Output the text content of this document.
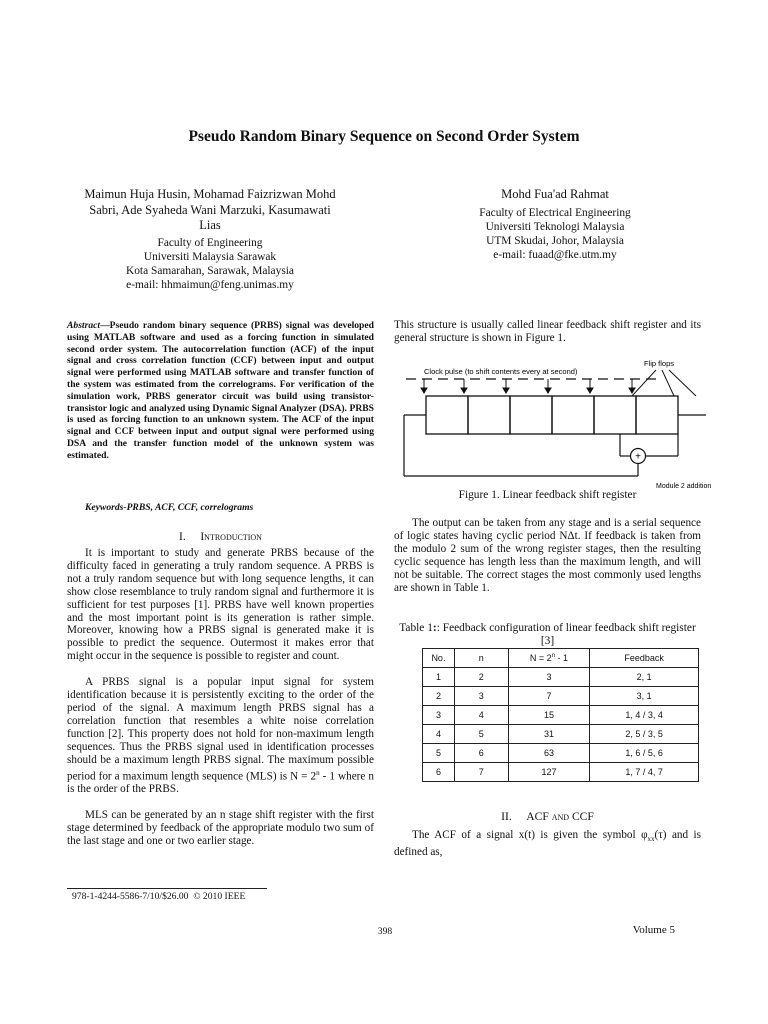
Pseudo Random Binary Sequence on Second Order System
Maimun Huja Husin, Mohamad Faizrizwan Mohd
Sabri, Ade Syaheda Wani Marzuki, Kasumawati
Lias
Faculty of Engineering
Universiti Malaysia Sarawak
Kota Samarahan, Sarawak, Malaysia
e-mail: hhmaimun@feng.unimas.my
Mohd Fua'ad Rahmat
Faculty of Electrical Engineering
Universiti Teknologi Malaysia
UTM Skudai, Johor, Malaysia
e-mail: fuaad@fke.utm.my
Abstract—Pseudo random binary sequence (PRBS) signal was developed using MATLAB software and used as a forcing function in simulated second order system. The autocorrelation function (ACF) of the input signal and cross correlation function (CCF) between input and output signal were performed using MATLAB software and transfer function of the system was estimated from the correlograms. For verification of the simulation work, PRBS generator circuit was build using transistor-transistor logic and analyzed using Dynamic Signal Analyzer (DSA). PRBS is used as forcing function to an unknown system. The ACF of the input signal and CCF between input and output signal were performed using DSA and the transfer function model of the unknown system was estimated.
Keywords-PRBS, ACF, CCF, correlograms
I. Introduction

It is important to study and generate PRBS because of the difficulty faced in generating a truly random sequence. A PRBS is not a truly random sequence but with long sequence lengths, it can show close resemblance to truly random signal and furthermore it is sufficient for test purposes [1]. PRBS have well known properties and the most important point is its generation is rather simple. Moreover, knowing how a PRBS signal is generated make it is possible to predict the sequence. Outermost it makes error that might occur in the sequence is possible to register and count.

A PRBS signal is a popular input signal for system identification because it is persistently exciting to the order of the period of the signal. A maximum length PRBS signal has a correlation function that resembles a white noise correlation function [2]. This property does not hold for non-maximum length sequences. Thus the PRBS signal used in identification processes should be a maximum length PRBS signal. The maximum possible period for a maximum length sequence (MLS) is $N = 2^n - 1$ where n is the order of the PRBS.

MLS can be generated by an n stage shift register with the first stage determined by feedback of the appropriate modulo two sum of the last stage and one or two earlier stage.

978-1-4244-5586-7/10/$26.00 © 2010 IEEE
This structure is usually called linear feedback shift register and its general structure is shown in Figure 1.
Clock pulse (to shift contents every at second)
Flip flops
+
Module 2 addition
Figure 1. Linear feedback shift register

The output can be taken from any stage and is a serial sequence of logic states having cyclic period NΔt. If feedback is taken from the modulo 2 sum of the wrong register stages, then the resulting cyclic sequence has length less than the maximum length, and will not be suitable. The correct stages the most commonly used lengths are shown in Table 1.

Table 1:: Feedback configuration of linear feedback shift register [3]
No.	n	$N = 2^n - 1$	Feedback
1	2	3	2, 1
2	3	7	3, 1
3	4	15	1, 4 / 3, 4
4	5	31	2, 5 / 3, 5
5	6	63	1, 6 / 5, 6
6	7	127	1, 7 / 4, 7
II. ACF and CCF

The ACF of a signal x(t) is given the symbol $\varphi_{xx}(\tau)$ and is defined as,

398	Volume 5
